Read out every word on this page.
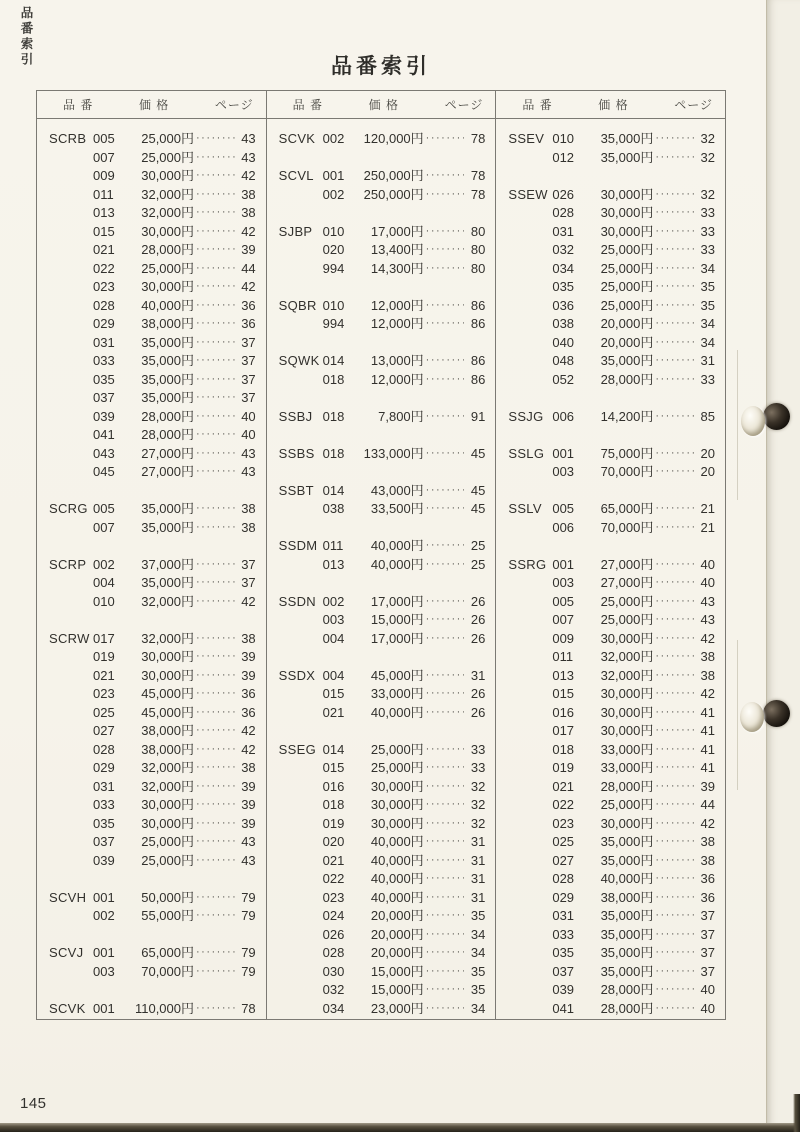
品番索引	品番索引
品 番	価 格	ページ
SCRB 005	25,000円 ·····	43
007	25,000円 ·····	43
009	30,000円 ·····	42
011	32,000円 ·····	38
013	32,000円 ·····	38
015	30,000円 ·····	42
021	28,000円 ·····	39
022	25,000円 ·····	44
023	30,000円 ·····	42
028	40,000円 ·····	36
029	38,000円 ·····	36
031	35,000円 ·····	37
033	35,000円 ·····	37
035	35,000円 ·····	37
037	35,000円 ·····	37
039	28,000円 ·····	40
041	28,000円 ·····	40
043	27,000円 ·····	43
045	27,000円 ·····	43
SCRG 005	35,000円 ·····	38
007	35,000円 ·····	38
SCRP 002	37,000円 ·····	37
004	35,000円 ·····	37
010	32,000円 ·····	42
SCRW 017	32,000円 ·····	38
019	30,000円 ·····	39
021	30,000円 ·····	39
023	45,000円 ·····	36
025	45,000円 ·····	36
027	38,000円 ·····	42
028	38,000円 ·····	42
029	32,000円 ·····	38
031	32,000円 ·····	39
033	30,000円 ·····	39
035	30,000円 ·····	39
037	25,000円 ·····	43
039	25,000円 ·····	43
SCVH 001	50,000円 ·····	79
002	55,000円 ·····	79
SCVJ 001	65,000円 ·····	79
003	70,000円 ·····	79
SCVK 001	110,000円 ·····	78
品 番	価 格	ページ
SCVK 002	120,000円 ·····	78
SCVL 001	250,000円 ·····	78
002	250,000円 ·····	78
SJBP 010	17,000円 ·····	80
020	13,400円 ·····	80
994	14,300円 ·····	80
SQBR 010	12,000円 ·····	86
994	12,000円 ·····	86
SQWK 014	13,000円 ·····	86
018	12,000円 ·····	86
SSBJ 018	7,800円 ·····	91
SSBS 018	133,000円 ·····	45
SSBT 014	43,000円 ·····	45
038	33,500円 ·····	45
SSDM 011	40,000円 ·····	25
013	40,000円 ·····	25
SSDN 002	17,000円 ·····	26
003	15,000円 ·····	26
004	17,000円 ·····	26
SSDX 004	45,000円 ·····	31
015	33,000円 ·····	26
021	40,000円 ·····	26
SSEG 014	25,000円 ·····	33
015	25,000円 ·····	33
016	30,000円 ·····	32
018	30,000円 ·····	32
019	30,000円 ·····	32
020	40,000円 ·····	31
021	40,000円 ·····	31
022	40,000円 ·····	31
023	40,000円 ·····	31
024	20,000円 ·····	35
026	20,000円 ·····	34
028	20,000円 ·····	34
030	15,000円 ·····	35
032	15,000円 ·····	35
034	23,000円 ·····	34
品 番	価 格	ページ
SSEV 010	35,000円 ·····	32
012	35,000円 ·····	32
SSEW 026	30,000円 ·····	32
028	30,000円 ·····	33
031	30,000円 ·····	33
032	25,000円 ·····	33
034	25,000円 ·····	34
035	25,000円 ·····	35
036	25,000円 ·····	35
038	20,000円 ·····	34
040	20,000円 ·····	34
048	35,000円 ·····	31
052	28,000円 ·····	33
SSJG 006	14,200円 ·····	85
SSLG 001	75,000円 ·····	20
003	70,000円 ·····	20
SSLV 005	65,000円 ·····	21
006	70,000円 ·····	21
SSRG 001	27,000円 ·····	40
003	27,000円 ·····	40
005	25,000円 ·····	43
007	25,000円 ·····	43
009	30,000円 ·····	42
011	32,000円 ·····	38
013	32,000円 ·····	38
015	30,000円 ·····	42
016	30,000円 ·····	41
017	30,000円 ·····	41
018	33,000円 ·····	41
019	33,000円 ·····	41
021	28,000円 ·····	39
022	25,000円 ·····	44
023	30,000円 ·····	42
025	35,000円 ·····	38
027	35,000円 ·····	38
028	40,000円 ·····	36
029	38,000円 ·····	36
031	35,000円 ·····	37
033	35,000円 ·····	37
035	35,000円 ·····	37
037	35,000円 ·····	37
039	28,000円 ·····	40
041	28,000円 ·····	40
145
